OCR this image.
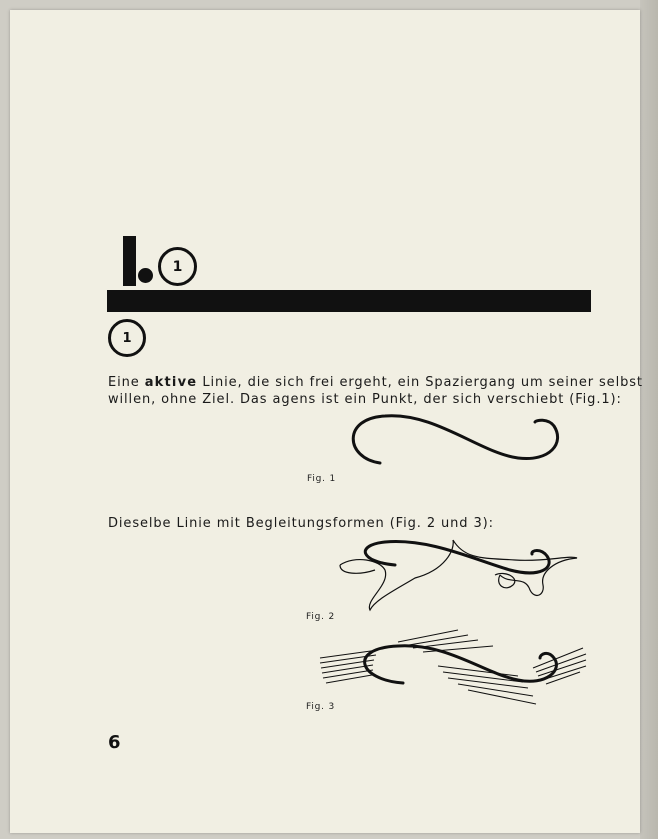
1
1
Eine aktive Linie, die sich frei ergeht, ein Spaziergang um seiner selbst
willen, ohne Ziel. Das agens ist ein Punkt, der sich verschiebt (Fig.1):
Fig. 1
Dieselbe Linie mit Begleitungsformen (Fig. 2 und 3):
Fig. 2
Fig. 3
6
